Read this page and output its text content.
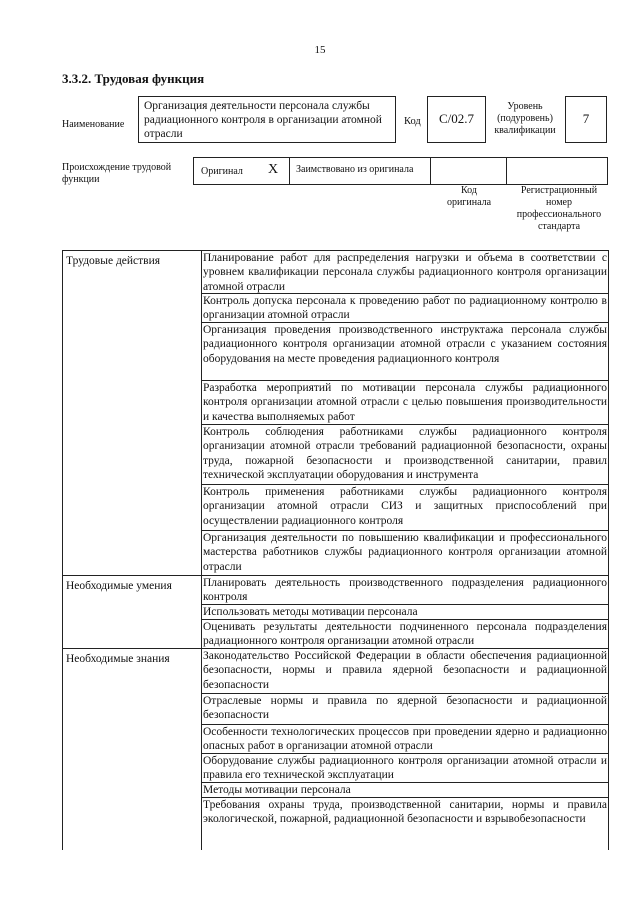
15
3.3.2. Трудовая функция
Наименование
Организация деятельности персонала службы радиационного контроля в организации атомной отрасли
Код	С/02.7
Уровень (подуровень) квалификации
7
Происхождение трудовой функции
Оригинал X Заимствовано из оригинала
Код оригинала
Регистрационный номер профессионального стандарта
Трудовые действия
Необходимые умения
Необходимые знания
Планирование работ для распределения нагрузки и объема в соответствии с уровнем квалификации персонала службы радиационного контроля организации атомной отрасли
Контроль допуска персонала к проведению работ по радиационному контролю в организации атомной отрасли
Организация проведения производственного инструктажа персонала службы радиационного контроля организации атомной отрасли с указанием состояния оборудования на месте проведения радиационного контроля
Разработка мероприятий по мотивации персонала службы радиационного контроля организации атомной отрасли с целью повышения производительности и качества выполняемых работ
Контроль соблюдения работниками службы радиационного контроля организации атомной отрасли требований радиационной безопасности, охраны труда, пожарной безопасности и производственной санитарии, правил технической эксплуатации оборудования и инструмента
Контроль применения работниками службы радиационного контроля организации атомной отрасли СИЗ и защитных приспособлений при осуществлении радиационного контроля
Организация деятельности по повышению квалификации и профессионального мастерства работников службы радиационного контроля организации атомной отрасли
Планировать деятельность производственного подразделения радиационного контроля
Использовать методы мотивации персонала
Оценивать результаты деятельности подчиненного персонала подразделения радиационного контроля организации атомной отрасли
Законодательство Российской Федерации в области обеспечения радиационной безопасности, нормы и правила ядерной безопасности и радиационной безопасности
Отраслевые нормы и правила по ядерной безопасности и радиационной безопасности
Особенности технологических процессов при проведении ядерно и радиационно опасных работ в организации атомной отрасли
Оборудование службы радиационного контроля организации атомной отрасли и правила его технической эксплуатации
Методы мотивации персонала
Требования охраны труда, производственной санитарии, нормы и правила экологической, пожарной, радиационной безопасности и взрывобезопасности
